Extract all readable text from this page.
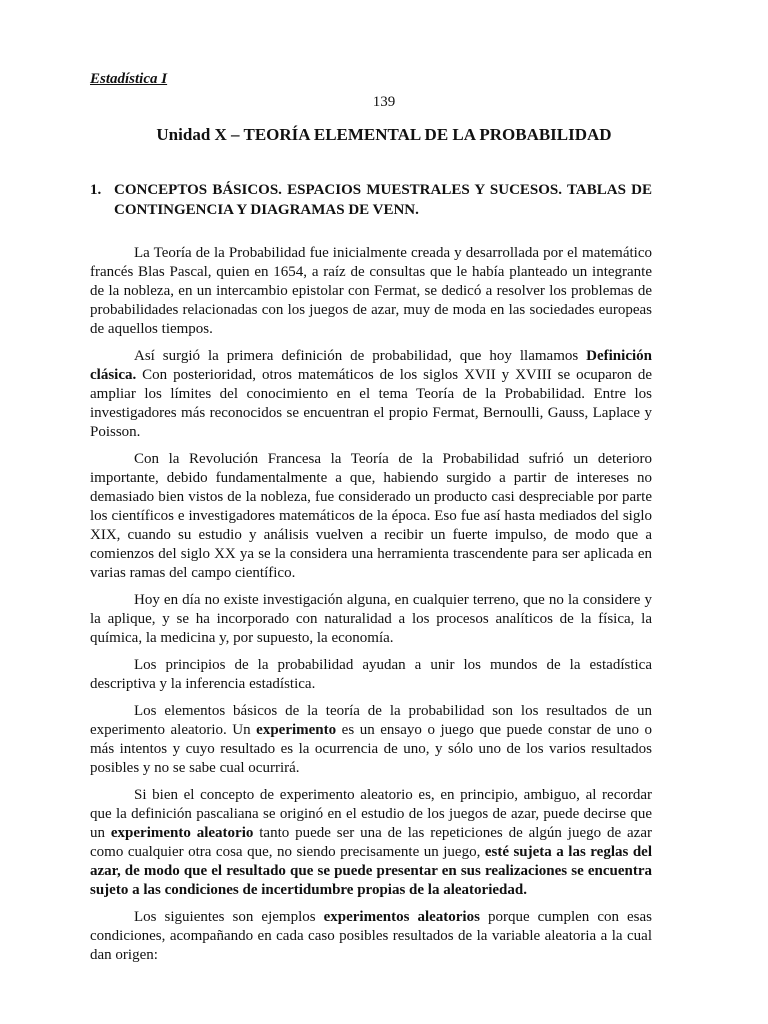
Estadística I
139
Unidad X – TEORÍA ELEMENTAL DE LA PROBABILIDAD
1. CONCEPTOS BÁSICOS. ESPACIOS MUESTRALES Y SUCESOS. TABLAS DE CONTINGENCIA Y DIAGRAMAS DE VENN.

La Teoría de la Probabilidad fue inicialmente creada y desarrollada por el matemático francés Blas Pascal, quien en 1654, a raíz de consultas que le había planteado un integrante de la nobleza, en un intercambio epistolar con Fermat, se dedicó a resolver los problemas de probabilidades relacionadas con los juegos de azar, muy de moda en las sociedades europeas de aquellos tiempos.

Así surgió la primera definición de probabilidad, que hoy llamamos Definición clásica. Con posterioridad, otros matemáticos de los siglos XVII y XVIII se ocuparon de ampliar los límites del conocimiento en el tema Teoría de la Probabilidad. Entre los investigadores más reconocidos se encuentran el propio Fermat, Bernoulli, Gauss, Laplace y Poisson.

Con la Revolución Francesa la Teoría de la Probabilidad sufrió un deterioro importante, debido fundamentalmente a que, habiendo surgido a partir de intereses no demasiado bien vistos de la nobleza, fue considerado un producto casi despreciable por parte los científicos e investigadores matemáticos de la época. Eso fue así hasta mediados del siglo XIX, cuando su estudio y análisis vuelven a recibir un fuerte impulso, de modo que a comienzos del siglo XX ya se la considera una herramienta trascendente para ser aplicada en varias ramas del campo científico.

Hoy en día no existe investigación alguna, en cualquier terreno, que no la considere y la aplique, y se ha incorporado con naturalidad a los procesos analíticos de la física, la química, la medicina y, por supuesto, la economía.

Los principios de la probabilidad ayudan a unir los mundos de la estadística descriptiva y la inferencia estadística.

Los elementos básicos de la teoría de la probabilidad son los resultados de un experimento aleatorio. Un experimento es un ensayo o juego que puede constar de uno o más intentos y cuyo resultado es la ocurrencia de uno, y sólo uno de los varios resultados posibles y no se sabe cual ocurrirá.

Si bien el concepto de experimento aleatorio es, en principio, ambiguo, al recordar que la definición pascaliana se originó en el estudio de los juegos de azar, puede decirse que un experimento aleatorio tanto puede ser una de las repeticiones de algún juego de azar como cualquier otra cosa que, no siendo precisamente un juego, esté sujeta a las reglas del azar, de modo que el resultado que se puede presentar en sus realizaciones se encuentra sujeto a las condiciones de incertidumbre propias de la aleatoriedad.

Los siguientes son ejemplos experimentos aleatorios porque cumplen con esas condiciones, acompañando en cada caso posibles resultados de la variable aleatoria a la cual dan origen:
